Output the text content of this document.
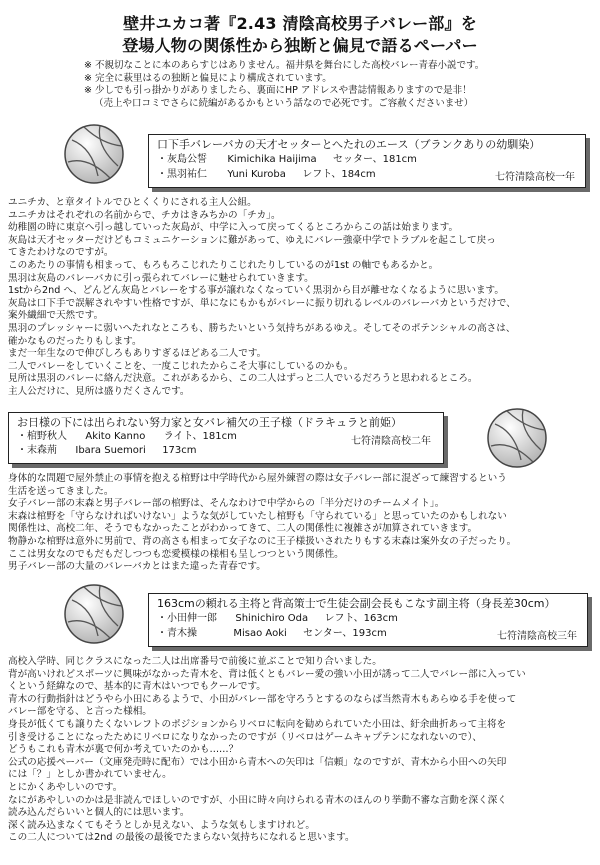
壁井ユカコ著『2.43 清陰高校男子バレー部』を
登場人物の関係性から独断と偏見で語るペーパー
※ 不親切なことに本のあらすじはありません。福井県を舞台にした高校バレー青春小説です。
※ 完全に萩里はるの独断と偏見により構成されています。
※ 少しでも引っ掛かりがありましたら、裏面にHP アドレスや書誌情報ありますので是非！
（売上や口コミでさらに続編があるかもという話なので必死です。ご容赦くださいませ）
口下手バレーバカの天才セッターとへたれのエース（ブランクありの幼馴染）
・灰島公誓 Kimichika Haijima セッター、181cm
・黒羽祐仁 Yuni Kuroba レフト、184cm	七符清陰高校一年
ユニチカ、と章タイトルでひとくくりにされる主人公組。
ユニチカはそれぞれの名前からで、チカはきみちかの「チカ」。
幼稚園の時に東京へ引っ越していった灰島が、中学に入って戻ってくるところからこの話は始まります。
灰島は天才セッターだけどもコミュニケーションに難があって、ゆえにバレー強豪中学でトラブルを起こして戻っ
てきたわけなのですが。
このあたりの事情も相まって、もろもろこじれたりこじれたりしているのが1st の軸でもあるかと。
黒羽は灰島のバレーバカに引っ張られてバレーに魅せられていきます。
1stから2nd へ、どんどん灰島とバレーをする事が譲れなくなっていく黒羽から目が離せなくなるように思います。
灰島は口下手で誤解されやすい性格ですが、単になにもかもがバレーに振り切れるレベルのバレーバカというだけで、
案外繊細で天然です。
黒羽のプレッシャーに弱いへたれなところも、勝ちたいという気持ちがあるゆえ。そしてそのポテンシャルの高さは、
確かなものだったりもします。
まだ一年生なので伸びしろもありすぎるほどある二人です。
二人でバレーをしていくことを、一度こじれたからこそ大事にしているのかも。
見所は黒羽のバレーに絡んだ決意。これがあるから、この二人はずっと二人でいるだろうと思われるところ。
主人公だけに、見所は盛りだくさんです。
お日様の下には出られない努力家と女バレ補欠の王子様（ドラキュラと前姫）
・棺野秋人 Akito Kanno ライト、181cm
・末森荊 Ibara Suemori 173cm
七符清陰高校二年
身体的な問題で屋外禁止の事情を抱える棺野は中学時代から屋外練習の際は女子バレー部に混ざって練習するという
生活を送ってきました。
女子バレー部の末森と男子バレー部の棺野は、そんなわけで中学からの「半分だけのチームメイト」。
末森は棺野を「守らなければいけない」ような気がしていたし棺野も「守られている」と思っていたのかもしれない
関係性は、高校二年、そうでもなかったことがわかってきて、二人の関係性に複雑さが加算されていきます。
物静かな棺野は意外に男前で、背の高さも相まって女子なのに王子様扱いされたりもする末森は案外女の子だったり。
ここは男女なのでもだもだしつつも恋愛模様の様相も呈しつつという関係性。
男子バレー部の大量のバレーバカとはまた違った青春です。
163cmの頼れる主将と背高策士で生徒会副会長もこなす副主将（身長差30cm）
・小田伸一郎 Shinichiro Oda レフト、163cm
・青木操	Misao Aoki センター、193cm	七符清陰高校三年
高校入学時、同じクラスになった二人は出席番号で前後に並ぶことで知り合いました。
背が高いけれどスポーツに興味がなかった青木を、背は低くともバレー愛の強い小田が誘って二人でバレー部に入ってい
くという経緯なので、基本的に青木はいつでもクールです。
青木の行動指針はどうやら小田にあるようで、小田がバレー部を守ろうとするのならば当然青木もあらゆる手を使って
バレー部を守る、と言った様相。
身長が低くても譲りたくないレフトのポジションからリベロに転向を勧められていた小田は、紆余曲折あって主将を
引き受けることになったためにリベロになりなかったのですが（リベロはゲームキャプテンになれないので）、
どうもこれも青木が裏で何か考えていたのかも……？
公式の応援ペーパー（文庫発売時に配布）では小田から青木への矢印は「信頼」なのですが、青木から小田への矢印
には「？」としか書かれていません。
とにかくあやしいのです。
なにがあやしいのかは是非読んでほしいのですが、小田に時々向けられる青木のほんのり挙動不審な言動を深く深く
読み込んだらいいと個人的には思います。
深く読み込まなくてもそうとしか見えない、ような気もしますけれど。
この二人については2nd の最後の最後でたまらない気持ちになれると思います。
